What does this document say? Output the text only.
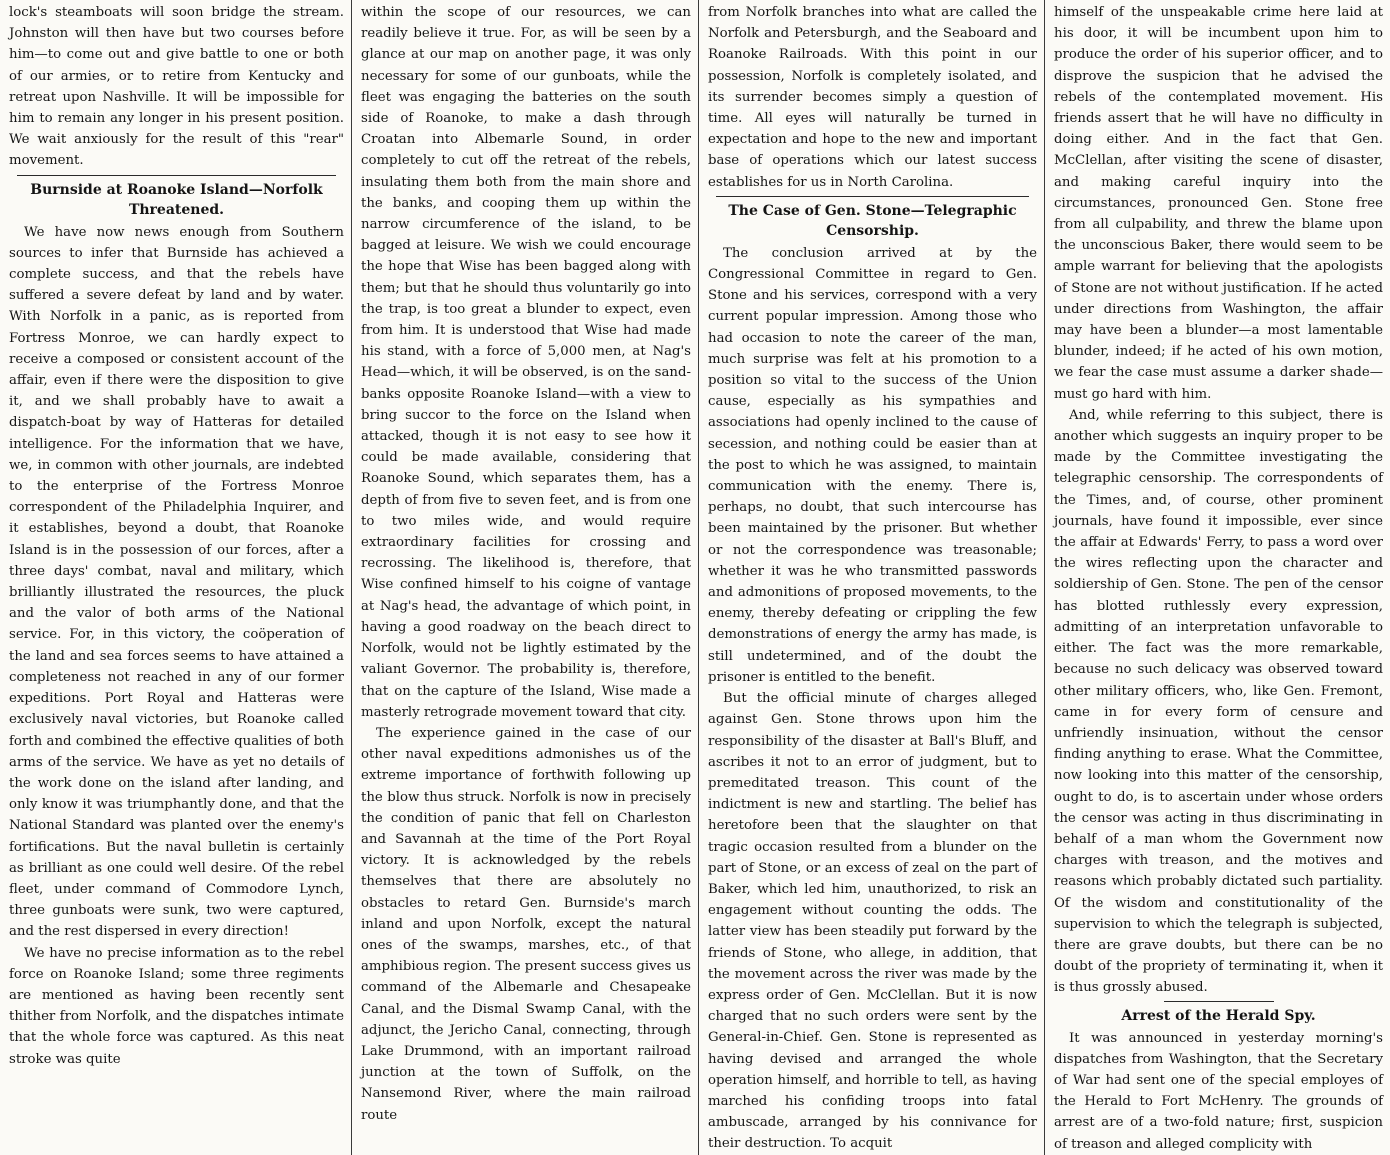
lock's steamboats will soon bridge the stream. Johnston will then have but two courses before him—to come out and give battle to one or both of our armies, or to retire from Kentucky and retreat upon Nashville. It will be impossible for him to remain any longer in his present position. We wait anxiously for the result of this "rear" movement.

Burnside at Roanoke Island—Norfolk Threatened.

We have now news enough from Southern sources to infer that Burnside has achieved a complete success, and that the rebels have suffered a severe defeat by land and by water. With Norfolk in a panic, as is reported from Fortress Monroe, we can hardly expect to receive a composed or consistent account of the affair, even if there were the disposition to give it, and we shall probably have to await a dispatch-boat by way of Hatteras for detailed intelligence. For the information that we have, we, in common with other journals, are indebted to the enterprise of the Fortress Monroe correspondent of the Philadelphia Inquirer, and it establishes, beyond a doubt, that Roanoke Island is in the possession of our forces, after a three days' combat, naval and military, which brilliantly illustrated the resources, the pluck and the valor of both arms of the National service. For, in this victory, the coöperation of the land and sea forces seems to have attained a completeness not reached in any of our former expeditions. Port Royal and Hatteras were exclusively naval victories, but Roanoke called forth and combined the effective qualities of both arms of the service. We have as yet no details of the work done on the island after landing, and only know it was triumphantly done, and that the National Standard was planted over the enemy's fortifications. But the naval bulletin is certainly as brilliant as one could well desire. Of the rebel fleet, under command of Commodore Lynch, three gunboats were sunk, two were captured, and the rest dispersed in every direction!

We have no precise information as to the rebel force on Roanoke Island; some three regiments are mentioned as having been recently sent thither from Norfolk, and the dispatches intimate that the whole force was captured. As this neat stroke was quite

within the scope of our resources, we can readily believe it true. For, as will be seen by a glance at our map on another page, it was only necessary for some of our gunboats, while the fleet was engaging the batteries on the south side of Roanoke, to make a dash through Croatan into Albemarle Sound, in order completely to cut off the retreat of the rebels, insulating them both from the main shore and the banks, and cooping them up within the narrow circumference of the island, to be bagged at leisure. We wish we could encourage the hope that Wise has been bagged along with them; but that he should thus voluntarily go into the trap, is too great a blunder to expect, even from him. It is understood that Wise had made his stand, with a force of 5,000 men, at Nag's Head—which, it will be observed, is on the sand-banks opposite Roanoke Island—with a view to bring succor to the force on the Island when attacked, though it is not easy to see how it could be made available, considering that Roanoke Sound, which separates them, has a depth of from five to seven feet, and is from one to two miles wide, and would require extraordinary facilities for crossing and recrossing. The likelihood is, therefore, that Wise confined himself to his coigne of vantage at Nag's head, the advantage of which point, in having a good roadway on the beach direct to Norfolk, would not be lightly estimated by the valiant Governor. The probability is, therefore, that on the capture of the Island, Wise made a masterly retrograde movement toward that city.

The experience gained in the case of our other naval expeditions admonishes us of the extreme importance of forthwith following up the blow thus struck. Norfolk is now in precisely the condition of panic that fell on Charleston and Savannah at the time of the Port Royal victory. It is acknowledged by the rebels themselves that there are absolutely no obstacles to retard Gen. Burnside's march inland and upon Norfolk, except the natural ones of the swamps, marshes, etc., of that amphibious region. The present success gives us command of the Albemarle and Chesapeake Canal, and the Dismal Swamp Canal, with the adjunct, the Jericho Canal, connecting, through Lake Drummond, with an important railroad junction at the town of Suffolk, on the Nansemond River, where the main railroad route

from Norfolk branches into what are called the Norfolk and Petersburgh, and the Seaboard and Roanoke Railroads. With this point in our possession, Norfolk is completely isolated, and its surrender becomes simply a question of time. All eyes will naturally be turned in expectation and hope to the new and important base of operations which our latest success establishes for us in North Carolina.

The Case of Gen. Stone—Telegraphic Censorship.

The conclusion arrived at by the Congressional Committee in regard to Gen. Stone and his services, correspond with a very current popular impression. Among those who had occasion to note the career of the man, much surprise was felt at his promotion to a position so vital to the success of the Union cause, especially as his sympathies and associations had openly inclined to the cause of secession, and nothing could be easier than at the post to which he was assigned, to maintain communication with the enemy. There is, perhaps, no doubt, that such intercourse has been maintained by the prisoner. But whether or not the correspondence was treasonable; whether it was he who transmitted passwords and admonitions of proposed movements, to the enemy, thereby defeating or crippling the few demonstrations of energy the army has made, is still undetermined, and of the doubt the prisoner is entitled to the benefit.

But the official minute of charges alleged against Gen. Stone throws upon him the responsibility of the disaster at Ball's Bluff, and ascribes it not to an error of judgment, but to premeditated treason. This count of the indictment is new and startling. The belief has heretofore been that the slaughter on that tragic occasion resulted from a blunder on the part of Stone, or an excess of zeal on the part of Baker, which led him, unauthorized, to risk an engagement without counting the odds. The latter view has been steadily put forward by the friends of Stone, who allege, in addition, that the movement across the river was made by the express order of Gen. McClellan. But it is now charged that no such orders were sent by the General-in-Chief. Gen. Stone is represented as having devised and arranged the whole operation himself, and horrible to tell, as having marched his confiding troops into fatal ambuscade, arranged by his connivance for their destruction. To acquit

himself of the unspeakable crime here laid at his door, it will be incumbent upon him to produce the order of his superior officer, and to disprove the suspicion that he advised the rebels of the contemplated movement. His friends assert that he will have no difficulty in doing either. And in the fact that Gen. McClellan, after visiting the scene of disaster, and making careful inquiry into the circumstances, pronounced Gen. Stone free from all culpability, and threw the blame upon the unconscious Baker, there would seem to be ample warrant for believing that the apologists of Stone are not without justification. If he acted under directions from Washington, the affair may have been a blunder—a most lamentable blunder, indeed; if he acted of his own motion, we fear the case must assume a darker shade—must go hard with him.

And, while referring to this subject, there is another which suggests an inquiry proper to be made by the Committee investigating the telegraphic censorship. The correspondents of the Times, and, of course, other prominent journals, have found it impossible, ever since the affair at Edwards' Ferry, to pass a word over the wires reflecting upon the character and soldiership of Gen. Stone. The pen of the censor has blotted ruthlessly every expression, admitting of an interpretation unfavorable to either. The fact was the more remarkable, because no such delicacy was observed toward other military officers, who, like Gen. Fremont, came in for every form of censure and unfriendly insinuation, without the censor finding anything to erase. What the Committee, now looking into this matter of the censorship, ought to do, is to ascertain under whose orders the censor was acting in thus discriminating in behalf of a man whom the Government now charges with treason, and the motives and reasons which probably dictated such partiality. Of the wisdom and constitutionality of the supervision to which the telegraph is subjected, there are grave doubts, but there can be no doubt of the propriety of terminating it, when it is thus grossly abused.

Arrest of the Herald Spy.

It was announced in yesterday morning's dispatches from Washington, that the Secretary of War had sent one of the special employes of the Herald to Fort McHenry. The grounds of arrest are of a two-fold nature; first, suspicion of treason and alleged complicity with
